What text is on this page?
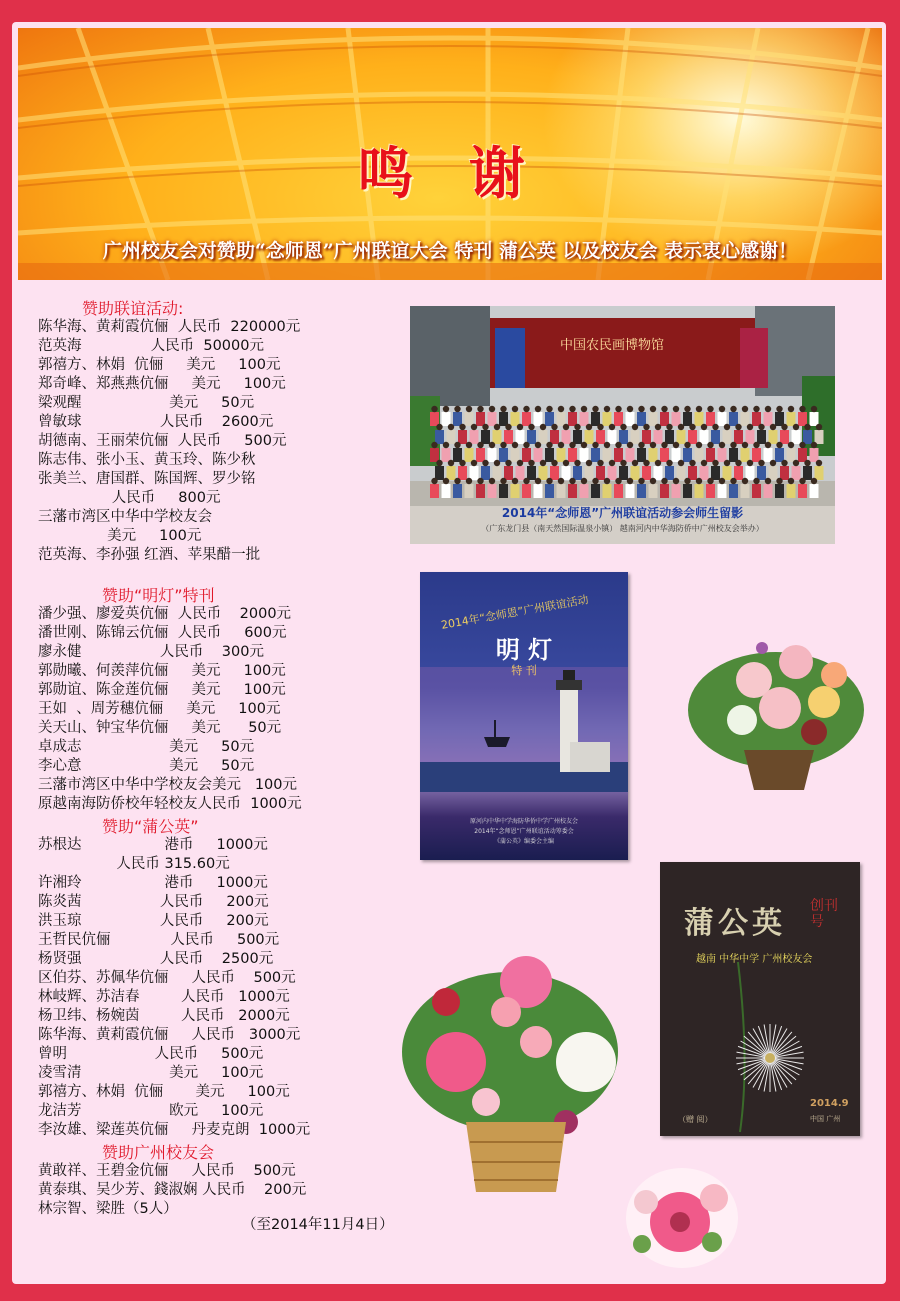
鸣 谢
广州校友会对赞助“念师恩”广州联谊大会 特刊 蒲公英 以及校友会 表示衷心感谢！
赞助联谊活动:
陈华海、黄莉霞伉俪  人民币  220000元
范英海               人民币  50000元
郭禧方、林娟  伉俪     美元     100元
郑奇峰、郑燕燕伉俪     美元     100元
梁观醒                   美元     50元
曾敏球                 人民币    2600元
胡德南、王丽荣伉俪  人民币     500元
陈志伟、张小玉、黄玉玲、陈少秋
张美兰、唐国群、陈国辉、罗少铭
人民币     800元
三藩市湾区中华中学校友会
美元     100元
范英海、李孙强 红酒、苹果醋一批
赞助“明灯”特刊
潘少强、廖爱英伉俪  人民币    2000元
潘世刚、陈锦云伉俪  人民币     600元
廖永健                 人民币    300元
郭勋曦、何羡萍伉俪     美元     100元
郭勋谊、陈金莲伉俪     美元     100元
王如  、周芳穗伉俪     美元     100元
关天山、钟宝华伉俪     美元      50元
卓成志                   美元     50元
李心意                   美元     50元
三藩市湾区中华中学校友会美元   100元
原越南海防侨校年轻校友人民币  1000元
赞助“蒲公英”
苏根达                  港币     1000元
人民币 315.60元
许湘玲                  港币     1000元
陈炎茜                 人民币     200元
洪玉琼                 人民币     200元
王哲民伉俪             人民币     500元
杨贤强                 人民币    2500元
区伯芬、苏佩华伉俪     人民币    500元
林岐辉、苏洁春         人民币   1000元
杨卫纬、杨婉茵         人民币   2000元
陈华海、黄莉霞伉俪     人民币   3000元
曾明                   人民币     500元
凌雪清                   美元     100元
郭禧方、林娟  伉俪       美元     100元
龙洁芳                   欧元     100元
李汝雄、梁莲英伉俪     丹麦克朗  1000元
赞助广州校友会
黄敢祥、王碧金伉俪     人民币    500元
黄泰琪、吴少芳、錢淑娴 人民币    200元
林宗智、梁胜（5人）
（至2014年11月4日）
中国农民画博物馆
2014年“念师恩”广州联谊活动参会师生留影
（广东龙门县（南天然国际温泉小镇） 越南河内中华海防侨中广州校友会举办）
2014年“念师恩”广州联谊活动
明 灯
特 刊
原河内中华中学海防华侨中学广州校友会
2014年“念师恩”广州联谊活动筹委会
《蒲公英》编委会主编
蒲公英 创刊号
越南 中华中学 广州校友会
2014.9
中国 广州
（赠 阅）
